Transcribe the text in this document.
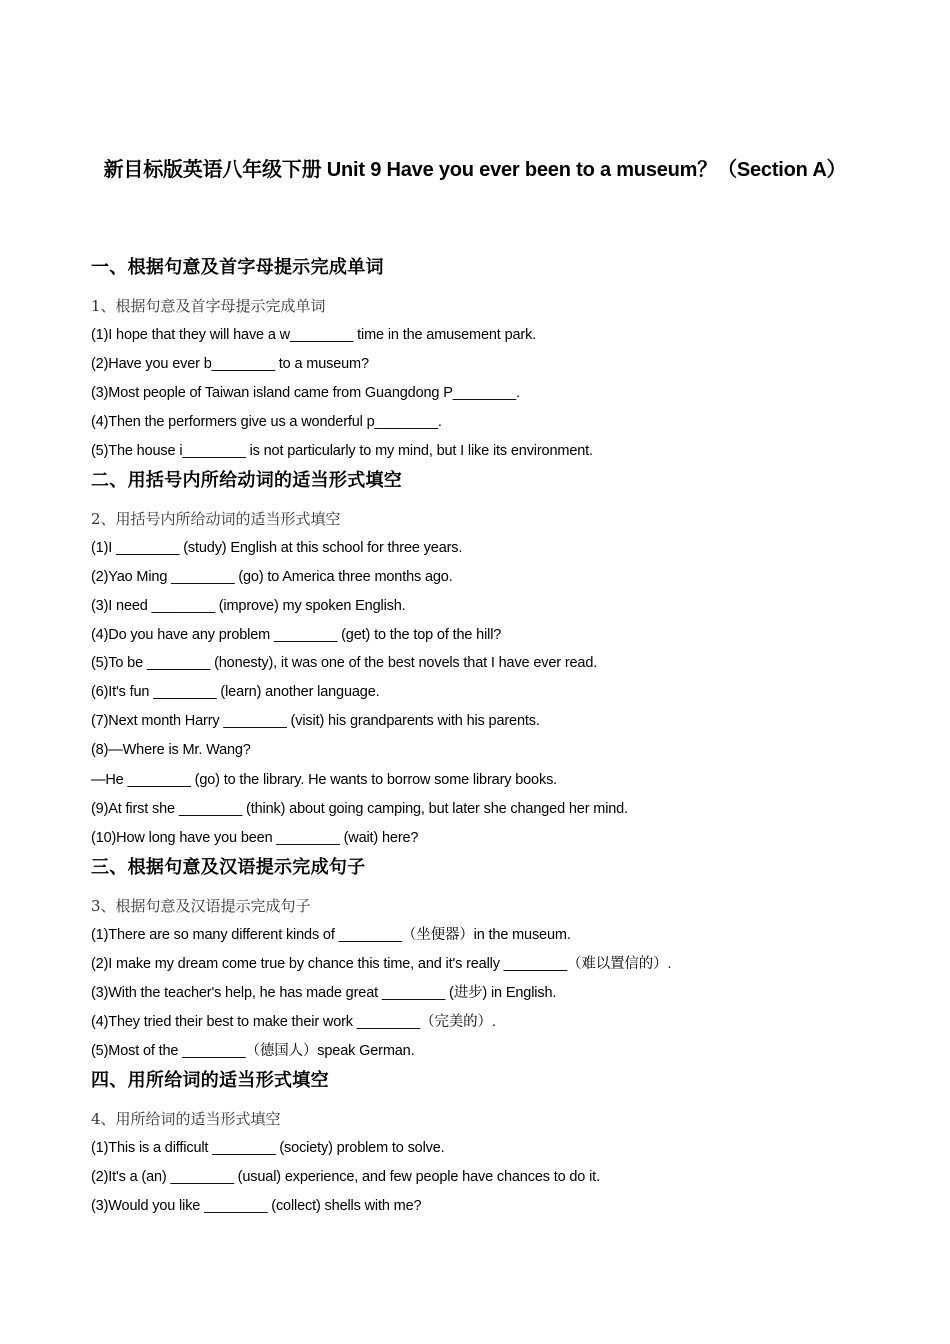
新目标版英语八年级下册 Unit 9 Have you ever been to a museum？（Section A）
一、根据句意及首字母提示完成单词
1、根据句意及首字母提示完成单词
(1)I hope that they will have a w________ time in the amusement park.
(2)Have you ever b________ to a museum?
(3)Most people of Taiwan island came from Guangdong P________.
(4)Then the performers give us a wonderful p________.
(5)The house i________ is not particularly to my mind, but I like its environment.
二、用括号内所给动词的适当形式填空
2、用括号内所给动词的适当形式填空
(1)I ________ (study) English at this school for three years.
(2)Yao Ming ________ (go) to America three months ago.
(3)I need ________ (improve) my spoken English.
(4)Do you have any problem ________ (get) to the top of the hill?
(5)To be ________ (honesty), it was one of the best novels that I have ever read.
(6)It's fun ________ (learn) another language.
(7)Next month Harry ________ (visit) his grandparents with his parents.
(8)—Where is Mr. Wang?
—He ________ (go) to the library. He wants to borrow some library books.
(9)At first she ________ (think) about going camping, but later she changed her mind.
(10)How long have you been ________ (wait) here?
三、根据句意及汉语提示完成句子
3、根据句意及汉语提示完成句子
(1)There are so many different kinds of ________（坐便器）in the museum.
(2)I make my dream come true by chance this time, and it's really ________（难以置信的）.
(3)With the teacher's help, he has made great ________ (进步) in English.
(4)They tried their best to make their work ________（完美的）.
(5)Most of the ________（德国人）speak German.
四、用所给词的适当形式填空
4、用所给词的适当形式填空
(1)This is a difficult ________ (society) problem to solve.
(2)It's a (an) ________ (usual) experience, and few people have chances to do it.
(3)Would you like ________ (collect) shells with me?
